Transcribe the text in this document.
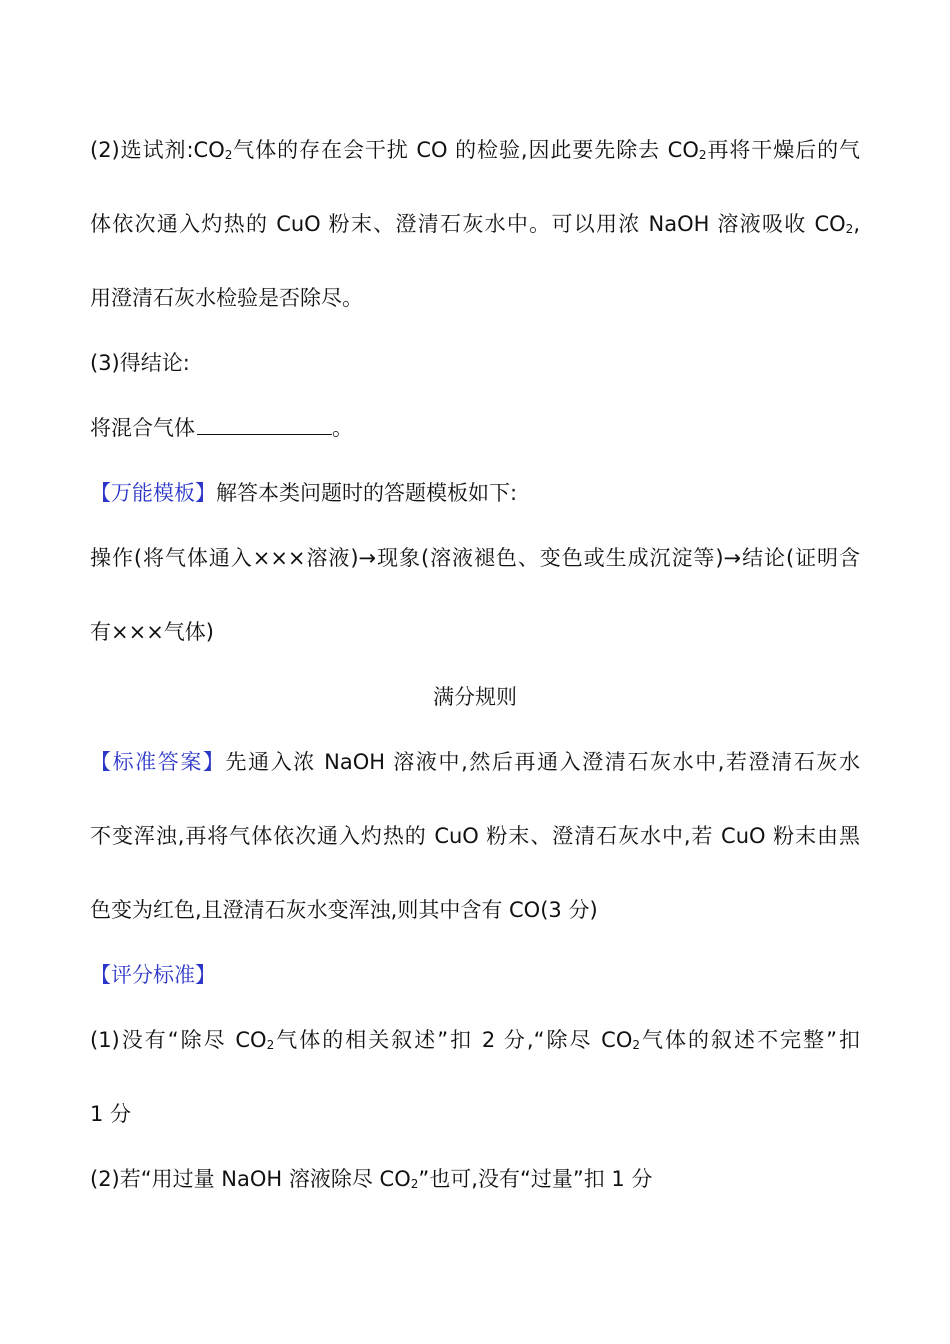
(2)选试剂$:CO_2$气体的存在会干扰 CO 的检验,因此要先除去 $CO_2$再将干燥后的气

体依次通入灼热的 CuO 粉末、澄清石灰水中。可以用浓 NaOH 溶液吸收 $CO_2$,

用澄清石灰水检验是否除尽。

(3)得结论:

将混合气体	。

【万能模板】解答本类问题时的答题模板如下:

操作(将气体通入×××溶液)→现象(溶液褪色、变色或生成沉淀等)→结论(证明含

有×××气体)

满分规则

【标准答案】先通入浓 NaOH 溶液中,然后再通入澄清石灰水中,若澄清石灰水

不变浑浊,再将气体依次通入灼热的 CuO 粉末、澄清石灰水中,若 CuO 粉末由黑

色变为红色,且澄清石灰水变浑浊,则其中含有 CO(3 分)

【评分标准】

(1)没有“除尽 $CO_2$气体的相关叙述”扣 2 分,“除尽 $CO_2$气体的叙述不完整”扣

1 分

(2)若“用过量 NaOH 溶液除尽 $CO_2$”也可,没有“过量”扣 1 分
